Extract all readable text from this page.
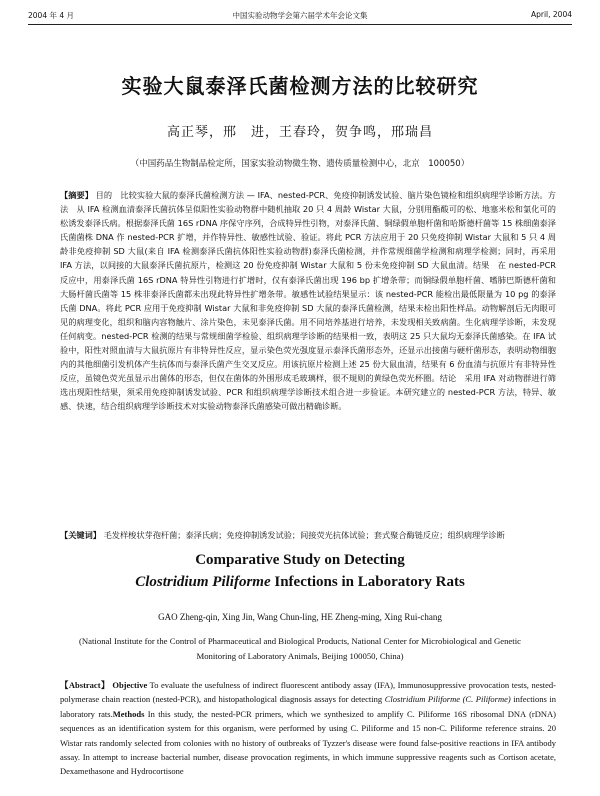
2004 年 4 月	中国实验动物学会第六届学术年会论文集	April, 2004
实验大鼠泰泽氏菌检测方法的比较研究
高正琴，邢　进，王春玲，贺争鸣，邢瑞昌
（中国药品生物制品检定所，国家实验动物微生物、遗传质量检测中心，北京　100050）
【摘要】 目的　比较实验大鼠的泰泽氏菌检测方法 — IFA、nested-PCR、免疫抑制诱发试验、脑片染色镜检和组织病理学诊断方法。方法　从 IFA 检测血清泰泽氏菌抗体呈似阳性实验动物群中随机抽取 20 只 4 周龄 Wistar 大鼠，分别用酯酸可的松、地塞米松和氯化可的松诱发泰泽氏病。根据泰泽氏菌 16S rDNA 序保守序列，合成特异性引物，对泰泽氏菌、铜绿假单胞杆菌和哈斯德杆菌等 15 株细菌泰泽氏菌菌株 DNA 作 nested-PCR 扩增，并作特异性、敏感性试验、验证。将此 PCR 方法应用于 20 只免疫抑制 Wistar 大鼠和 5 只 4 周龄非免疫抑制 SD 大鼠(来自 IFA 检测泰泽氏菌抗体阳性实验动物群)泰泽氏菌检测，并作常规细菌学检测和病理学检测；同时，再采用 IFA 方法，以间接的大鼠泰泽氏菌抗原片，检测这 20 份免疫抑制 Wistar 大鼠和 5 份未免疫抑制 SD 大鼠血清。结果　在 nested-PCR 反应中，用泰泽氏菌 16S rDNA 特异性引物进行扩增时，仅有泰泽氏菌出现 196 bp 扩增条带；而铜绿假单胞杆菌、嗜肺巴斯德杆菌和大肠杆菌氏菌等 15 株非泰泽氏菌都未出现此特异性扩增条带。敏感性试验结果显示：该 nested-PCR 能检出最低限量为 10 pg 的泰泽氏菌 DNA。将此 PCR 应用于免疫抑制 Wistar 大鼠和非免疫抑制 SD 大鼠的泰泽氏菌检测，结果未检出阳性样品。动物解剖后无肉眼可见的病理变化，组织和脑内容物触片、涂片染色，未见泰泽氏菌。用不同培养基进行培养，未发现相关致病菌。生化病理学诊断，未发现任何病变。nested-PCR 检测的结果与常规细菌学检验、组织病理学诊断的结果相一致，表明这 25 只大鼠均无泰泽氏菌感染。在 IFA 试验中，阳性对照血清与大鼠抗原片有非特异性反应，显示染色荧光强度显示泰泽氏菌形态外，还显示出接菌与硬杆菌形态，表明动物细胞内的其他细菌引发机体产生抗体而与泰泽氏菌产生交叉反应。用该抗原片检测上述 25 份大鼠血清，结果有 6 份血清与抗原片有非特异性反应，虽镜色荧光虽显示出菌体的形态，但仅在菌体的外围形成毛玻璃样，很不規则的黄绿色荧光杯圈。结论　采用 IFA 对动物群进行筛选出现阳性结果，须采用免疫抑制诱发试验、PCR 和组织病理学诊断技术组合进一步验证。本研究建立的 nested-PCR 方法，特异、敏感、快速，结合组织病理学诊断技术对实验动物泰泽氏菌感染可做出精确诊断。
【关键词】 毛发样梭状芽孢杆菌；泰泽氏病；免疫抑制诱发试验；间接荧光抗体试验；套式聚合酶链反应；组织病理学诊断
Comparative Study on Detecting
Clostridium Piliforme Infections in Laboratory Rats
GAO Zheng-qin, Xing Jin, Wang Chun-ling, HE Zheng-ming, Xing Rui-chang
(National Institute for the Control of Pharmaceutical and Biological Products, National Center for Microbiological and Genetic Monitoring of Laboratory Animals, Beijing 100050, China)
【Abstract】 Objective To evaluate the usefulness of indirect fluorescent antibody assay (IFA), Immunosuppressive provocation tests, nested-polymerase chain reaction (nested-PCR), and histopathological diagnosis assays for detecting Clostridium Piliforme (C. Piliforme) infections in laboratory rats.Methods In this study, the nested-PCR primers, which we synthesized to amplify C. Piliforme 16S ribosomal DNA (rDNA) sequences as an identification system for this organism, were performed by using C. Piliforme and 15 non-C. Piliforme reference strains. 20 Wistar rats randomly selected from colonies with no history of outbreaks of Tyzzer's disease were found false-positive reactions in IFA antibody assay. In attempt to increase bacterial number, disease provocation regiments, in which immune suppressive reagents such as Cortison acetate, Dexamethasone and Hydrocortisone
